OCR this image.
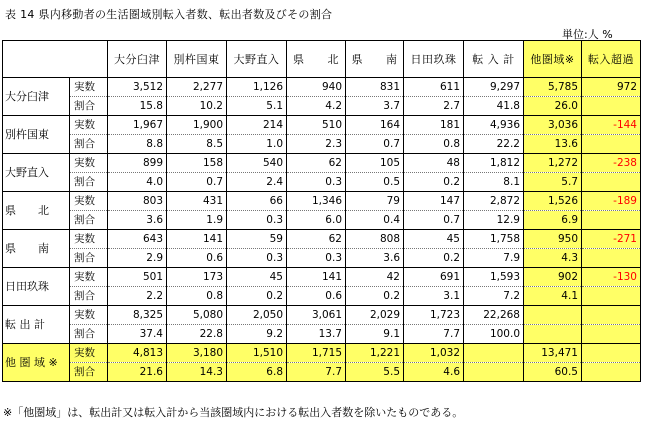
表 14 県内移動者の生活圏域別転入者数、転出者数及びその割合
単位:人 %
		大分臼津	別杵国東	大野直入	県　　北	県　　南	日田玖珠	転 入 計	他圏域※	転入超過
大分臼津	実数	3,512	2,277	1,126	940	831	611	9,297	5,785	972
	割合	15.8	10.2	5.1	4.2	3.7	2.7	41.8	26.0	
別杵国東	実数	1,967	1,900	214	510	164	181	4,936	3,036	-144
	割合	8.8	8.5	1.0	2.3	0.7	0.8	22.2	13.6	
大野直入	実数	899	158	540	62	105	48	1,812	1,272	-238
	割合	4.0	0.7	2.4	0.3	0.5	0.2	8.1	5.7	
県　　北	実数	803	431	66	1,346	79	147	2,872	1,526	-189
	割合	3.6	1.9	0.3	6.0	0.4	0.7	12.9	6.9	
県　　南	実数	643	141	59	62	808	45	1,758	950	-271
	割合	2.9	0.6	0.3	0.3	3.6	0.2	7.9	4.3	
日田玖珠	実数	501	173	45	141	42	691	1,593	902	-130
	割合	2.2	0.8	0.2	0.6	0.2	3.1	7.2	4.1	
転 出 計	実数	8,325	5,080	2,050	3,061	2,029	1,723	22,268		
	割合	37.4	22.8	9.2	13.7	9.1	7.7	100.0		
他 圏 域 ※	実数	4,813	3,180	1,510	1,715	1,221	1,032		13,471	
	割合	21.6	14.3	6.8	7.7	5.5	4.6		60.5	
※「他圏域」は、転出計又は転入計から当該圏域内における転出入者数を除いたものである。
